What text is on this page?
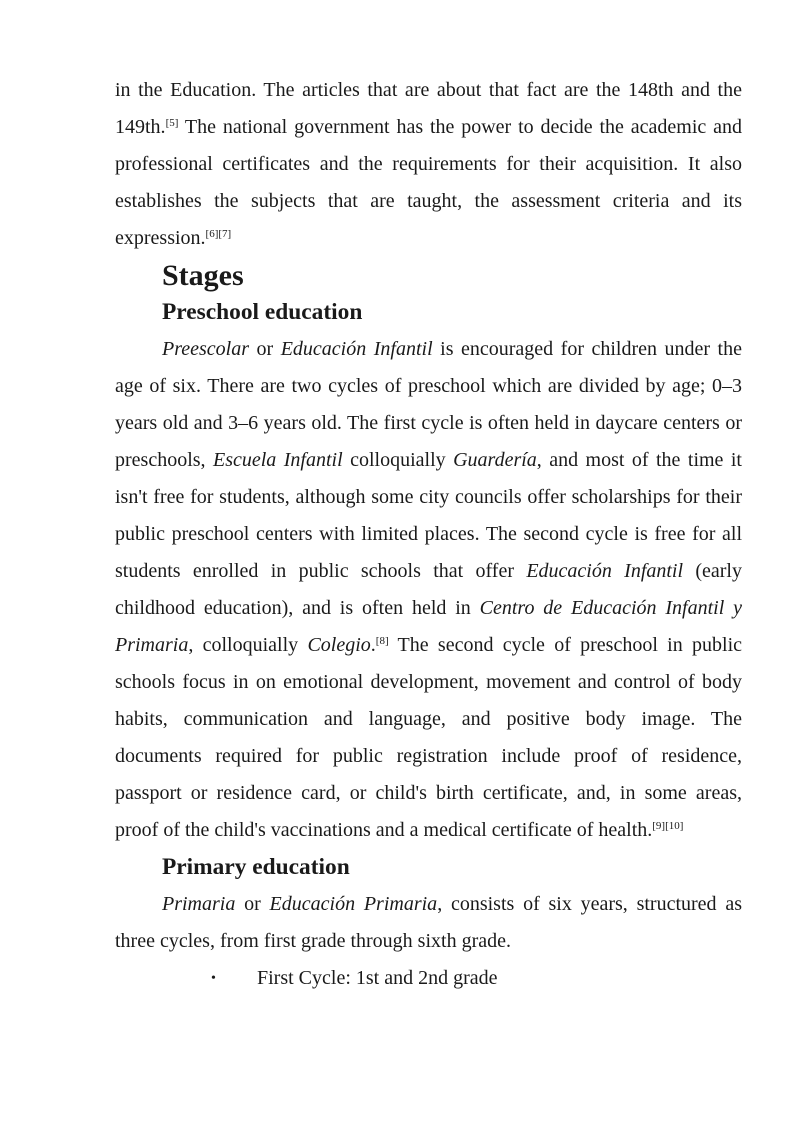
in the Education. The articles that are about that fact are the 148th and the 149th.[5] The national government has the power to decide the academic and professional certificates and the requirements for their acquisition. It also establishes the subjects that are taught, the assessment criteria and its expression.[6][7]

Stages
Preschool education

Preescolar or Educación Infantil is encouraged for children under the age of six. There are two cycles of preschool which are divided by age; 0–3 years old and 3–6 years old. The first cycle is often held in daycare centers or preschools, Escuela Infantil colloquially Guardería, and most of the time it isn't free for students, although some city councils offer scholarships for their public preschool centers with limited places. The second cycle is free for all students enrolled in public schools that offer Educación Infantil (early childhood education), and is often held in Centro de Educación Infantil y Primaria, colloquially Colegio.[8] The second cycle of preschool in public schools focus in on emotional development, movement and control of body habits, communication and language, and positive body image. The documents required for public registration include proof of residence, passport or residence card, or child's birth certificate, and, in some areas, proof of the child's vaccinations and a medical certificate of health.[9][10]

Primary education

Primaria or Educación Primaria, consists of six years, structured as three cycles, from first grade through sixth grade.

• First Cycle: 1st and 2nd grade
